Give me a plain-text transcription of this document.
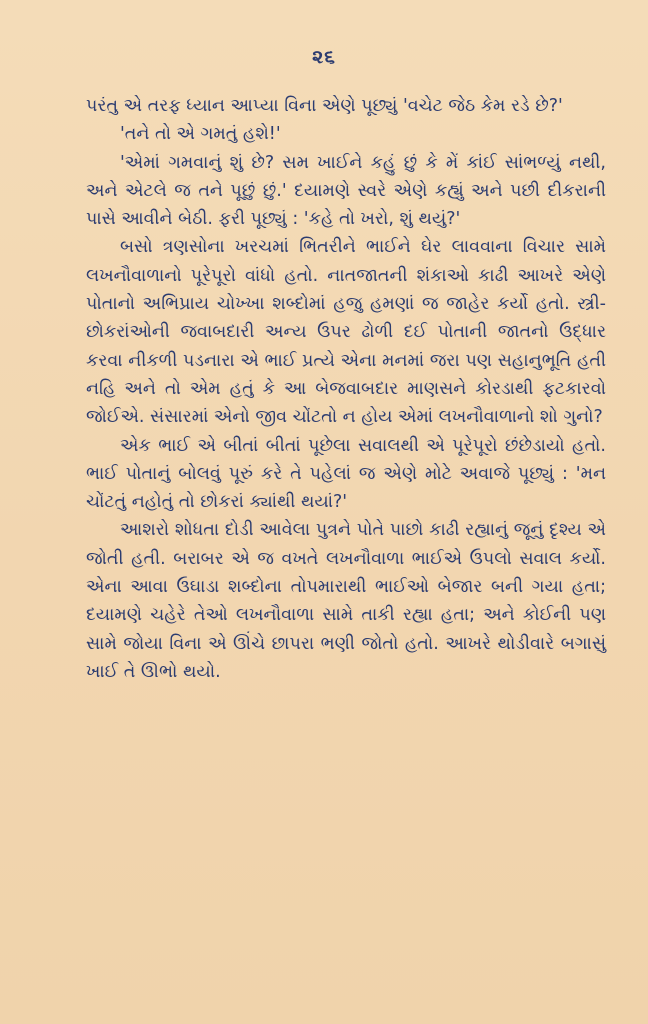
૨૬

પરંતુ એ તરફ ધ્યાન આપ્યા વિના એણે પૂછ્યું 'વચેટ જેઠ કેમ રડે છે?'

'તને તો એ ગમતું હશે!'

'એમાં ગમવાનું શું છે? સમ ખાઈને કહું છું કે મેં કાંઈ સાંભળ્યું નથી, અને એટલે જ તને પૂછું છું.' દયામણે સ્વરે એણે કહ્યું અને પછી દીકરાની પાસે આવીને બેઠી. ફરી પૂછ્યું : 'કહે તો ખરો, શું થયું?'

બસો ત્રણસોના ખરચમાં ભિતરીને ભાઈને ઘેર લાવવાના વિચાર સામે લખનૌવાળાનો પૂરેપૂરો વાંધો હતો. નાતજાતની શંકાઓ કાઢી આખરે એણે પોતાનો અભિપ્રાય ચોખ્ખા શબ્દોમાં હજુ હમણાં જ જાહેર કર્યો હતો. સ્ત્રી-છોકરાંઓની જવાબદારી અન્ય ઉપર ઢોળી દઈ પોતાની જાતનો ઉદ્ધાર કરવા નીકળી પડનારા એ ભાઈ પ્રત્યે એના મનમાં જરા પણ સહાનુભૂતિ હતી નહિ અને તો એમ હતું કે આ બેજવાબદાર માણસને કોરડાથી ફટકારવો જોઈએ. સંસારમાં એનો જીવ ચોંટતો ન હોય એમાં લખનૌવાળાનો શો ગુનો?

એક ભાઈ એ બીતાં બીતાં પૂછેલા સવાલથી એ પૂરેપૂરો છંછેડાયો હતો. ભાઈ પોતાનું બોલવું પૂરું કરે તે પહેલાં જ એણે મોટે અવાજે પૂછ્યું : 'મન ચોંટતું નહોતું તો છોકરાં ક્યાંથી થયાં?'

આશરો શોધતા દોડી આવેલા પુત્રને પોતે પાછો કાઢી રહ્યાનું જૂનું દૃશ્ય એ જોતી હતી. બરાબર એ જ વખતે લખનૌવાળા ભાઈએ ઉપલો સવાલ કર્યો. એના આવા ઉઘાડા શબ્દોના તોપમારાથી ભાઈઓ બેજાર બની ગયા હતા; દયામણે ચહેરે તેઓ લખનૌવાળા સામે તાકી રહ્યા હતા; અને કોઈની પણ સામે જોયા વિના એ ઊંચે છાપરા ભણી જોતો હતો. આખરે થોડીવારે બગાસું ખાઈ તે ઊભો થયો.
